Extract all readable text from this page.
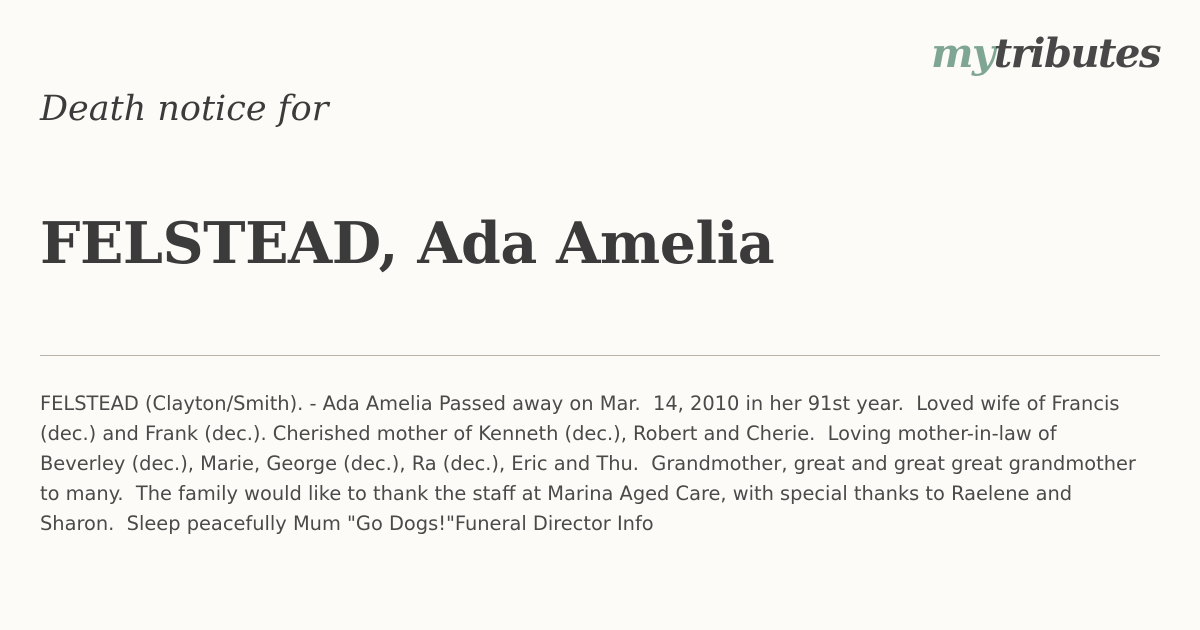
mytributes
Death notice for
FELSTEAD, Ada Amelia
FELSTEAD (Clayton/Smith). - Ada Amelia Passed away on Mar.  14, 2010 in her 91st year.  Loved wife of Francis (dec.) and Frank (dec.). Cherished mother of Kenneth (dec.), Robert and Cherie.  Loving mother-in-law of Beverley (dec.), Marie, George (dec.), Ra (dec.), Eric and Thu.  Grandmother, great and great great grandmother to many.  The family would like to thank the staff at Marina Aged Care, with special thanks to Raelene and Sharon.  Sleep peacefully Mum "Go Dogs!"Funeral Director Info
